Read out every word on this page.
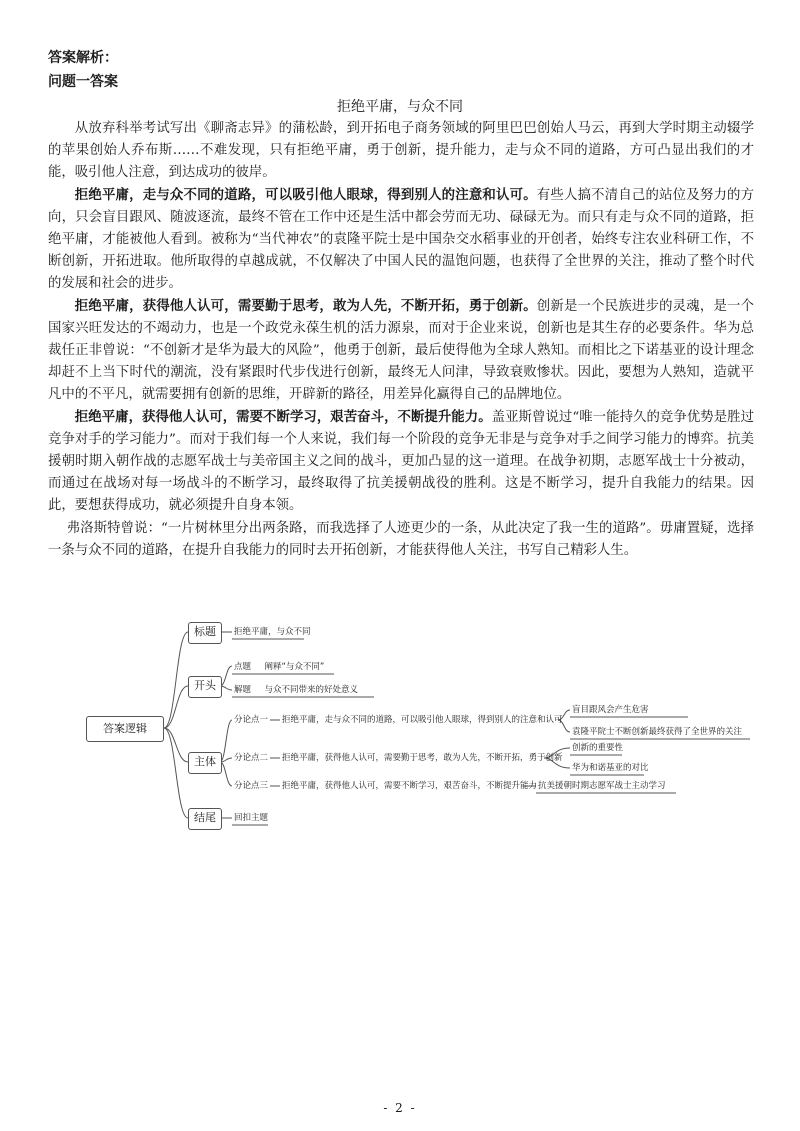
答案解析：
问题一答案
拒绝平庸，与众不同

从放弃科举考试写出《聊斋志异》的蒲松龄，到开拓电子商务领域的阿里巴巴创始人马云，再到大学时期主动辍学的苹果创始人乔布斯……不难发现，只有拒绝平庸，勇于创新，提升能力，走与众不同的道路，方可凸显出我们的才能，吸引他人注意，到达成功的彼岸。

拒绝平庸，走与众不同的道路，可以吸引他人眼球，得到别人的注意和认可。有些人搞不清自己的站位及努力的方向，只会盲目跟风、随波逐流，最终不管在工作中还是生活中都会劳而无功、碌碌无为。而只有走与众不同的道路，拒绝平庸，才能被他人看到。被称为“当代神农”的袁隆平院士是中国杂交水稻事业的开创者，始终专注农业科研工作，不断创新，开拓进取。他所取得的卓越成就，不仅解决了中国人民的温饱问题，也获得了全世界的关注，推动了整个时代的发展和社会的进步。

拒绝平庸，获得他人认可，需要勤于思考，敢为人先，不断开拓，勇于创新。创新是一个民族进步的灵魂，是一个国家兴旺发达的不竭动力，也是一个政党永葆生机的活力源泉，而对于企业来说，创新也是其生存的必要条件。华为总裁任正非曾说：“不创新才是华为最大的风险”，他勇于创新，最后使得他为全球人熟知。而相比之下诺基亚的设计理念却赶不上当下时代的潮流，没有紧跟时代步伐进行创新，最终无人问津，导致衰败惨状。因此，要想为人熟知，造就平凡中的不平凡，就需要拥有创新的思维，开辟新的路径，用差异化赢得自己的品牌地位。

拒绝平庸，获得他人认可，需要不断学习，艰苦奋斗，不断提升能力。盖亚斯曾说过“唯一能持久的竞争优势是胜过竞争对手的学习能力”。而对于我们每一个人来说，我们每一个阶段的竞争无非是与竞争对手之间学习能力的博弈。抗美援朝时期入朝作战的志愿军战士与美帝国主义之间的战斗，更加凸显的这一道理。在战争初期，志愿军战士十分被动，而通过在战场对每一场战斗的不断学习，最终取得了抗美援朝战役的胜利。这是不断学习，提升自我能力的结果。因此，要想获得成功，就必须提升自身本领。

弗洛斯特曾说：“一片树林里分出两条路，而我选择了人迹更少的一条，从此决定了我一生的道路”。毋庸置疑，选择一条与众不同的道路，在提升自我能力的同时去开拓创新，才能获得他人关注，书写自己精彩人生。

答案逻辑
标题
开头
主体
结尾
拒绝平庸，与众不同
点题     阐释“与众不同”
解题     与众不同带来的好处意义
分论点一 拒绝平庸，走与众不同的道路，可以吸引他人眼球，得到别人的注意和认可
盲目跟风会产生危害
袁隆平院士不断创新最终获得了全世界的关注
分论点二 拒绝平庸，获得他人认可，需要勤于思考，敢为人先，不断开拓，勇于创新
创新的重要性
华为和诺基亚的对比
分论点三 拒绝平庸，获得他人认可，需要不断学习，艰苦奋斗，不断提升能力 抗美援朝时期志愿军战士主动学习
回扣主题
- 2 -
